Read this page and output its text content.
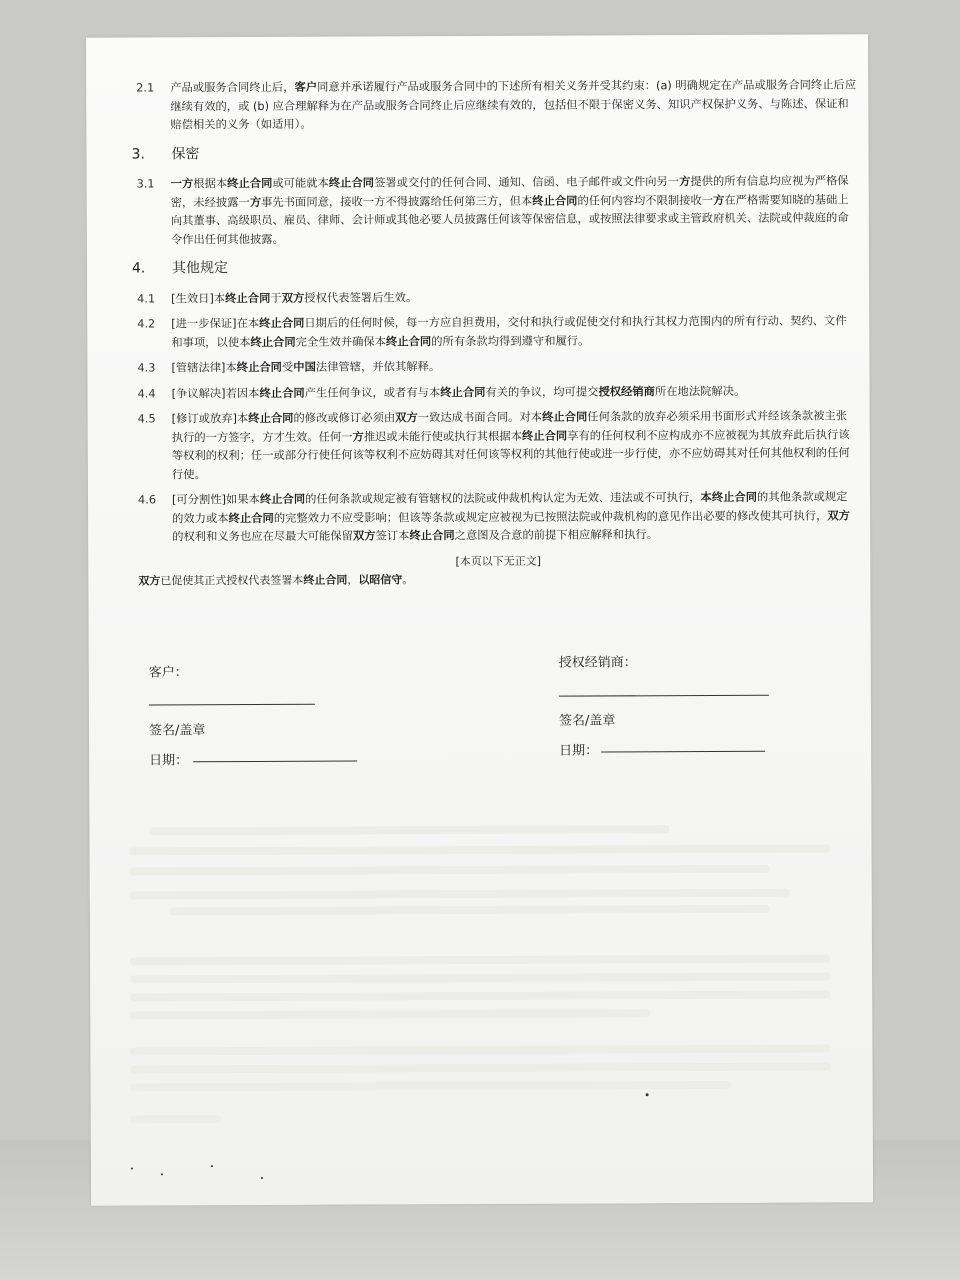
2.1	产品或服务合同终止后，客户同意并承诺履行产品或服务合同中的下述所有相关义务并受其约束：(a) 明确规定在产品或服务合同终止后应继续有效的，或 (b) 应合理解释为在产品或服务合同终止后应继续有效的，包括但不限于保密义务、知识产权保护义务、与陈述、保证和赔偿相关的义务（如适用）。
3.	保密
3.1	一方根据本终止合同或可能就本终止合同签署或交付的任何合同、通知、信函、电子邮件或文件向另一方提供的所有信息均应视为严格保密，未经披露一方事先书面同意，接收一方不得披露给任何第三方，但本终止合同的任何内容均不限制接收一方在严格需要知晓的基础上向其董事、高级职员、雇员、律师、会计师或其他必要人员披露任何该等保密信息，或按照法律要求或主管政府机关、法院或仲裁庭的命令作出任何其他披露。
4.	其他规定
4.1	[生效日]本终止合同于双方授权代表签署后生效。
4.2	[进一步保证]在本终止合同日期后的任何时候，每一方应自担费用，交付和执行或促使交付和执行其权力范围内的所有行动、契约、文件和事项，以使本终止合同完全生效并确保本终止合同的所有条款均得到遵守和履行。
4.3	[管辖法律]本终止合同受中国法律管辖，并依其解释。
4.4	[争议解决]若因本终止合同产生任何争议，或者有与本终止合同有关的争议，均可提交授权经销商所在地法院解决。
4.5	[修订或放弃]本终止合同的修改或修订必须由双方一致达成书面合同。对本终止合同任何条款的放弃必须采用书面形式并经该条款被主张执行的一方签字，方才生效。任何一方推迟或未能行使或执行其根据本终止合同享有的任何权利不应构成亦不应被视为其放弃此后执行该等权利的权利；任一或部分行使任何该等权利不应妨碍其对任何该等权利的其他行使或进一步行使，亦不应妨碍其对任何其他权利的任何行使。
4.6	[可分割性]如果本终止合同的任何条款或规定被有管辖权的法院或仲裁机构认定为无效、违法或不可执行，本终止合同的其他条款或规定的效力或本终止合同的完整效力不应受影响；但该等条款或规定应被视为已按照法院或仲裁机构的意见作出必要的修改使其可执行，双方的权利和义务也应在尽最大可能保留双方签订本终止合同之意图及合意的前提下相应解释和执行。
[本页以下无正文]
双方已促使其正式授权代表签署本终止合同，以昭信守。
客户：
签名/盖章
日期：
授权经销商：
签名/盖章
日期：
